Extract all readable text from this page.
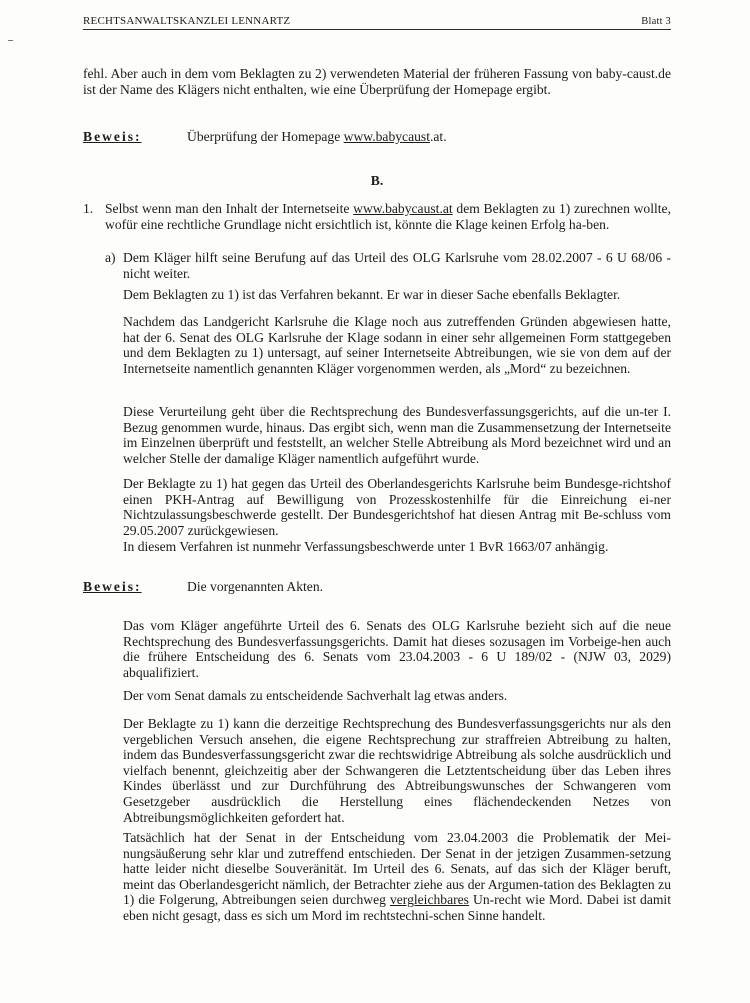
RECHTSANWALTSKANZLEI LENNARTZ	Blatt 3
fehl. Aber auch in dem vom Beklagten zu 2) verwendeten Material der früheren Fassung von baby-caust.de ist der Name des Klägers nicht enthalten, wie eine Überprüfung der Homepage ergibt.
Beweis:	Überprüfung der Homepage www.babycaust.at.
B.
1. Selbst wenn man den Inhalt der Internetseite www.babycaust.at dem Beklagten zu 1) zurechnen wollte, wofür eine rechtliche Grundlage nicht ersichtlich ist, könnte die Klage keinen Erfolg ha-ben.
a) Dem Kläger hilft seine Berufung auf das Urteil des OLG Karlsruhe vom 28.02.2007 - 6 U 68/06 - nicht weiter.
Dem Beklagten zu 1) ist das Verfahren bekannt. Er war in dieser Sache ebenfalls Beklagter.
Nachdem das Landgericht Karlsruhe die Klage noch aus zutreffenden Gründen abgewiesen hatte, hat der 6. Senat des OLG Karlsruhe der Klage sodann in einer sehr allgemeinen Form stattgegeben und dem Beklagten zu 1) untersagt, auf seiner Internetseite Abtreibungen, wie sie von dem auf der Internetseite namentlich genannten Kläger vorgenommen werden, als „Mord“ zu bezeichnen.
Diese Verurteilung geht über die Rechtsprechung des Bundesverfassungsgerichts, auf die un-ter I. Bezug genommen wurde, hinaus. Das ergibt sich, wenn man die Zusammensetzung der Internetseite im Einzelnen überprüft und feststellt, an welcher Stelle Abtreibung als Mord bezeichnet wird und an welcher Stelle der damalige Kläger namentlich aufgeführt wurde.
Der Beklagte zu 1) hat gegen das Urteil des Oberlandesgerichts Karlsruhe beim Bundesge-richtshof einen PKH-Antrag auf Bewilligung von Prozesskostenhilfe für die Einreichung ei-ner Nichtzulassungsbeschwerde gestellt. Der Bundesgerichtshof hat diesen Antrag mit Be-schluss vom 29.05.2007 zurückgewiesen.
In diesem Verfahren ist nunmehr Verfassungsbeschwerde unter 1 BvR 1663/07 anhängig.
Beweis:	Die vorgenannten Akten.
Das vom Kläger angeführte Urteil des 6. Senats des OLG Karlsruhe bezieht sich auf die neue Rechtsprechung des Bundesverfassungsgerichts. Damit hat dieses sozusagen im Vorbeige-hen auch die frühere Entscheidung des 6. Senats vom 23.04.2003 - 6 U 189/02 - (NJW 03, 2029) abqualifiziert.
Der vom Senat damals zu entscheidende Sachverhalt lag etwas anders.
Der Beklagte zu 1) kann die derzeitige Rechtsprechung des Bundesverfassungsgerichts nur als den vergeblichen Versuch ansehen, die eigene Rechtsprechung zur straffreien Abtreibung zu halten, indem das Bundesverfassungsgericht zwar die rechtswidrige Abtreibung als solche ausdrücklich und vielfach benennt, gleichzeitig aber der Schwangeren die Letztentscheidung über das Leben ihres Kindes überlässt und zur Durchführung des Abtreibungswunsches der Schwangeren vom Gesetzgeber ausdrücklich die Herstellung eines flächendeckenden Netzes von Abtreibungsmöglichkeiten gefordert hat.
Tatsächlich hat der Senat in der Entscheidung vom 23.04.2003 die Problematik der Mei-nungsäußerung sehr klar und zutreffend entschieden. Der Senat in der jetzigen Zusammen-setzung hatte leider nicht dieselbe Souveränität. Im Urteil des 6. Senats, auf das sich der Kläger beruft, meint das Oberlandesgericht nämlich, der Betrachter ziehe aus der Argumen-tation des Beklagten zu 1) die Folgerung, Abtreibungen seien durchweg vergleichbares Un-recht wie Mord. Dabei ist damit eben nicht gesagt, dass es sich um Mord im rechtstechni-schen Sinne handelt.
